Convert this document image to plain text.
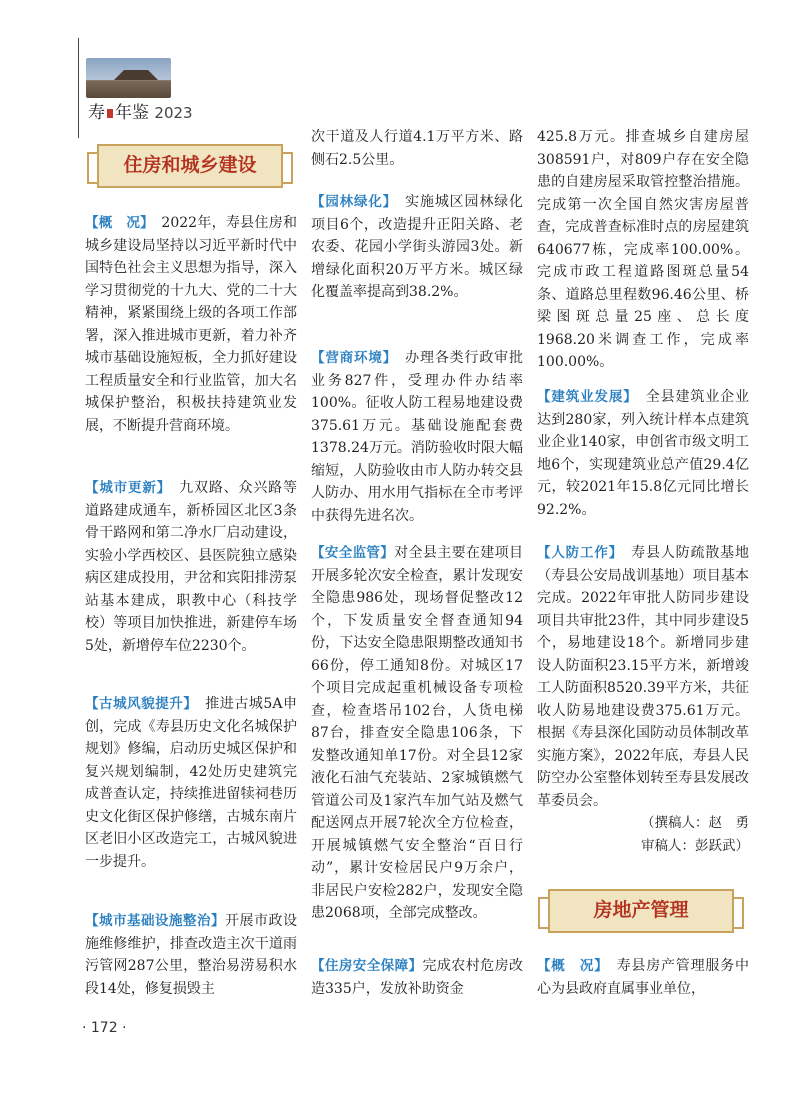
寿 年鉴 2023
住房和城乡建设
房地产管理

【概　况】　2022年，寿县住房和城乡建设局坚持以习近平新时代中国特色社会主义思想为指导，深入学习贯彻党的十九大、党的二十大精神，紧紧围绕上级的各项工作部署，深入推进城市更新，着力补齐城市基础设施短板，全力抓好建设工程质量安全和行业监管，加大名城保护整治，积极扶持建筑业发展，不断提升营商环境。

【城市更新】　九双路、众兴路等道路建成通车，新桥园区北区3条骨干路网和第二净水厂启动建设，实验小学西校区、县医院独立感染病区建成投用，尹岔和宾阳排涝泵站基本建成，职教中心（科技学校）等项目加快推进，新建停车场5处，新增停车位2230个。

【古城风貌提升】　推进古城5A申创，完成《寿县历史文化名城保护规划》修编，启动历史城区保护和复兴规划编制，42处历史建筑完成普查认定，持续推进留犊祠巷历史文化街区保护修缮，古城东南片区老旧小区改造完工，古城风貌进一步提升。

【城市基础设施整治】开展市政设施维修维护，排查改造主次干道雨污管网287公里，整治易涝易积水段14处，修复损毁主

次干道及人行道4.1万平方米、路侧石2.5公里。

【园林绿化】　实施城区园林绿化项目6个，改造提升正阳关路、老农委、花园小学街头游园3处。新增绿化面积20万平方米。城区绿化覆盖率提高到38.2%。

【营商环境】　办理各类行政审批业务827件，受理办件办结率100%。征收人防工程易地建设费375.61万元。基础设施配套费1378.24万元。消防验收时限大幅缩短，人防验收由市人防办转交县人防办、用水用气指标在全市考评中获得先进名次。

【安全监管】对全县主要在建项目开展多轮次安全检查，累计发现安全隐患986处，现场督促整改12个，下发质量安全督查通知94份，下达安全隐患限期整改通知书66份，停工通知8份。对城区17个项目完成起重机械设备专项检查，检查塔吊102台，人货电梯87台，排查安全隐患106条，下发整改通知单17份。对全县12家液化石油气充装站、2家城镇燃气管道公司及1家汽车加气站及燃气配送网点开展7轮次全方位检查，开展城镇燃气安全整治“百日行动”，累计安检居民户9万余户，非居民户安检282户，发现安全隐患2068项，全部完成整改。

【住房安全保障】完成农村危房改造335户，发放补助资金

425.8万元。排查城乡自建房屋308591户，对809户存在安全隐患的自建房屋采取管控整治措施。完成第一次全国自然灾害房屋普查，完成普查标准时点的房屋建筑640677栋，完成率100.00%。完成市政工程道路图斑总量54条、道路总里程数96.46公里、桥梁图斑总量25座、总长度1968.20米调查工作，完成率100.00%。

【建筑业发展】　全县建筑业企业达到280家，列入统计样本点建筑业企业140家，申创省市级文明工地6个，实现建筑业总产值29.4亿元，较2021年15.8亿元同比增长92.2%。

【人防工作】　寿县人防疏散基地（寿县公安局战训基地）项目基本完成。2022年审批人防同步建设项目共审批23件，其中同步建设5个，易地建设18个。新增同步建设人防面积23.15平方米，新增竣工人防面积8520.39平方米，共征收人防易地建设费375.61万元。根据《寿县深化国防动员体制改革实施方案》，2022年底，寿县人民防空办公室整体划转至寿县发展改革委员会。

（撰稿人：赵　勇

审稿人：彭跃武）

【概　况】　寿县房产管理服务中心为县政府直属事业单位，

· 172 ·
